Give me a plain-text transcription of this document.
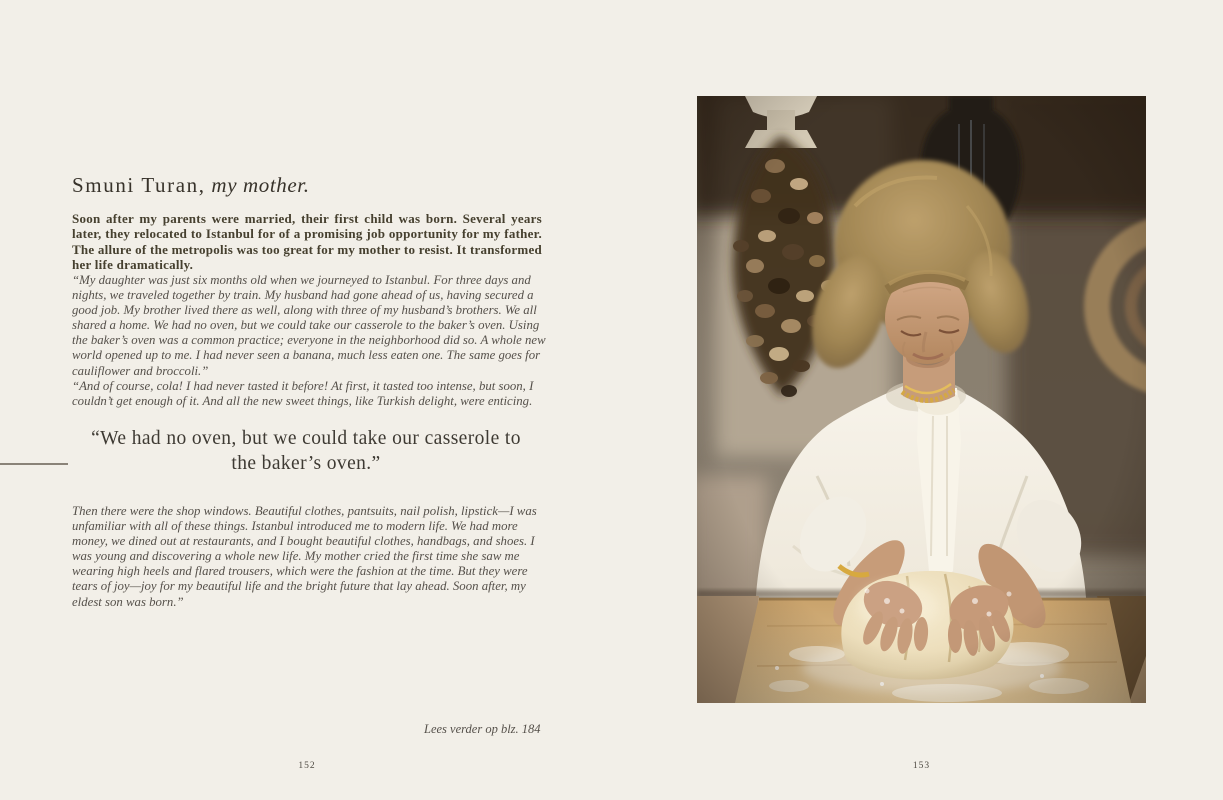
Smuni Turan, my mother.
Soon after my parents were married, their first child was born. Several years later, they relocated to Istanbul for of a promising job opportunity for my father. The allure of the metropolis was too great for my mother to resist. It transformed her life dramatically.

“My daughter was just six months old when we journeyed to Istanbul. For three days and nights, we traveled together by train. My husband had gone ahead of us, having secured a good job. My brother lived there as well, along with three of my husband’s brothers. We all shared a home. We had no oven, but we could take our casserole to the baker’s oven. Using the baker’s oven was a common practice; everyone in the neighborhood did so. A whole new world opened up to me. I had never seen a banana, much less eaten one. The same goes for cauliflower and broccoli.”

“And of course, cola! I had never tasted it before! At first, it tasted too intense, but soon, I couldn’t get enough of it. And all the new sweet things, like Turkish delight, were enticing.

“We had no oven, but we could take our casserole to the baker’s oven.”
Then there were the shop windows. Beautiful clothes, pantsuits, nail polish, lipstick—I was unfamiliar with all of these things. Istanbul introduced me to modern life. We had more money, we dined out at restaurants, and I bought beautiful clothes, handbags, and shoes. I was young and discovering a whole new life. My mother cried the first time she saw me wearing high heels and flared trousers, which were the fashion at the time. But they were tears of joy—joy for my beautiful life and the bright future that lay ahead. Soon after, my eldest son was born.”
Lees verder op blz. 184
152	153
